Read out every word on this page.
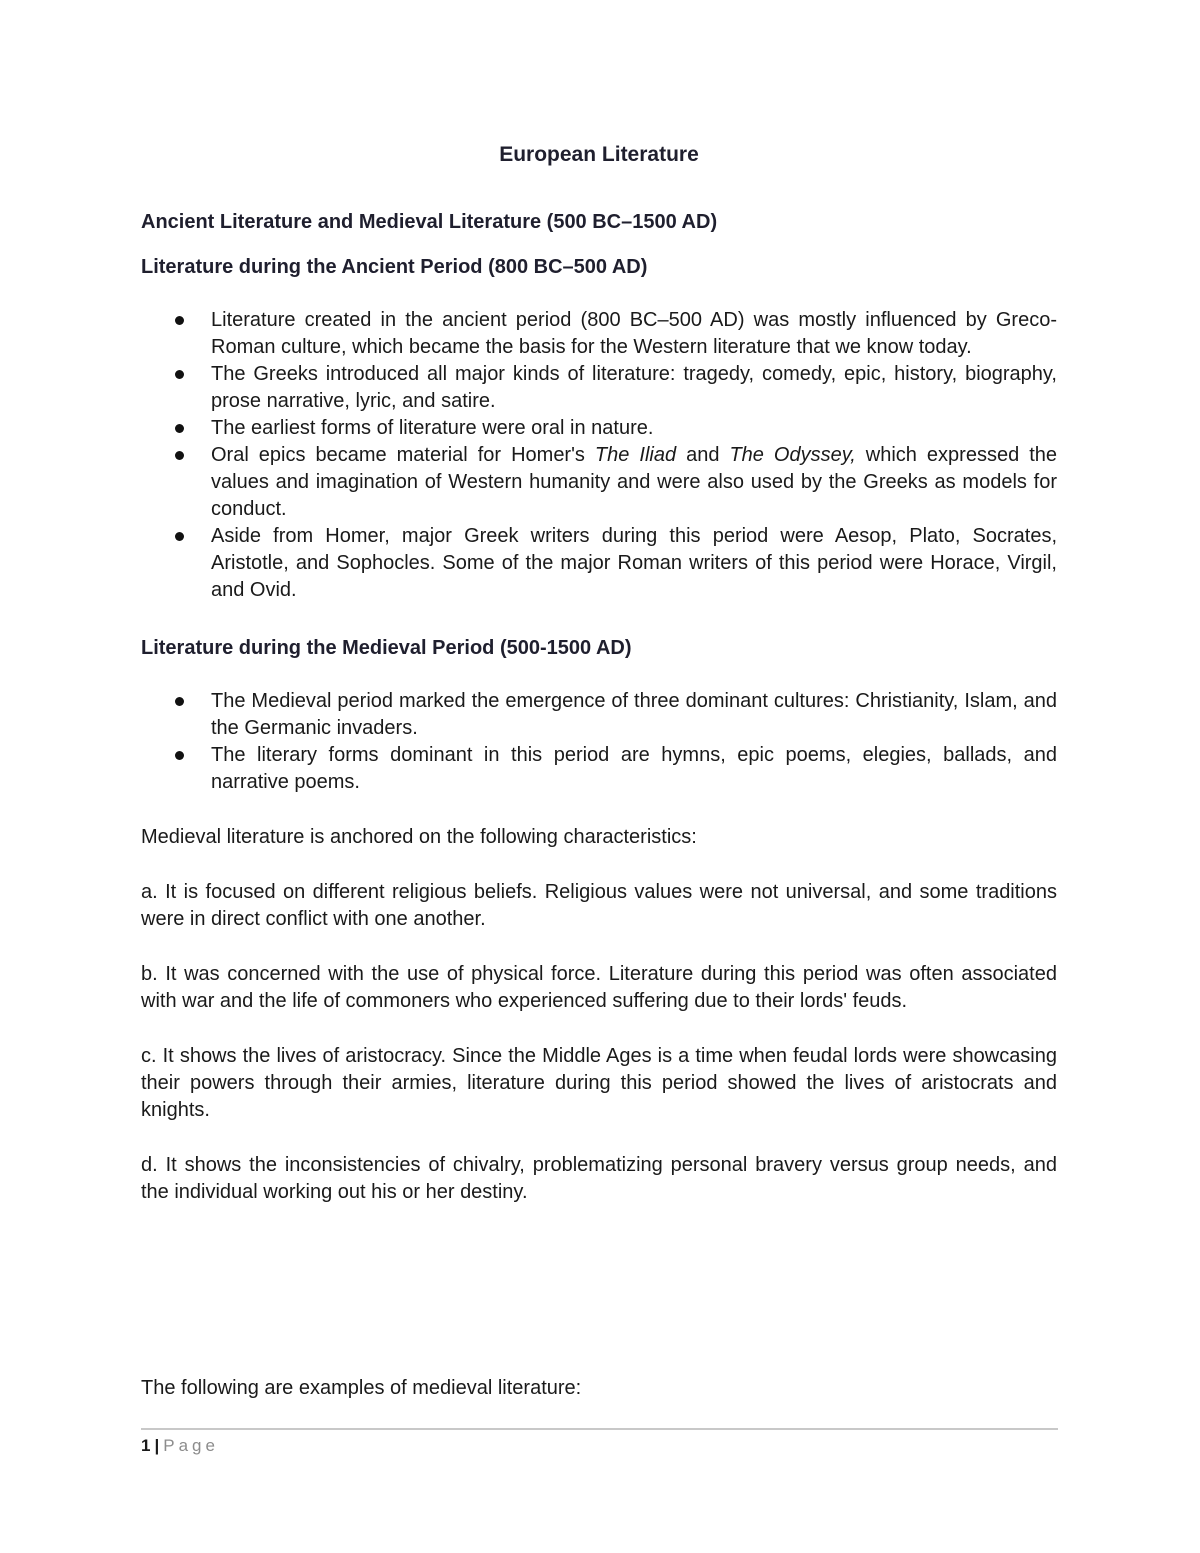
European Literature
Ancient Literature and Medieval Literature (500 BC–1500 AD)
Literature during the Ancient Period (800 BC–500 AD)
Literature created in the ancient period (800 BC–500 AD) was mostly influenced by Greco-Roman culture, which became the basis for the Western literature that we know today.
The Greeks introduced all major kinds of literature: tragedy, comedy, epic, history, biography, prose narrative, lyric, and satire.
The earliest forms of literature were oral in nature.
Oral epics became material for Homer's The Iliad and The Odyssey, which expressed the values and imagination of Western humanity and were also used by the Greeks as models for conduct.
Aside from Homer, major Greek writers during this period were Aesop, Plato, Socrates, Aristotle, and Sophocles. Some of the major Roman writers of this period were Horace, Virgil, and Ovid.
Literature during the Medieval Period (500-1500 AD)
The Medieval period marked the emergence of three dominant cultures: Christianity, Islam, and the Germanic invaders.
The literary forms dominant in this period are hymns, epic poems, elegies, ballads, and narrative poems.

Medieval literature is anchored on the following characteristics:

a. It is focused on different religious beliefs. Religious values were not universal, and some traditions were in direct conflict with one another.

b. It was concerned with the use of physical force. Literature during this period was often associated with war and the life of commoners who experienced suffering due to their lords' feuds.

c. It shows the lives of aristocracy. Since the Middle Ages is a time when feudal lords were showcasing their powers through their armies, literature during this period showed the lives of aristocrats and knights.

d. It shows the inconsistencies of chivalry, problematizing personal bravery versus group needs, and the individual working out his or her destiny.

The following are examples of medieval literature:

1 | Page
